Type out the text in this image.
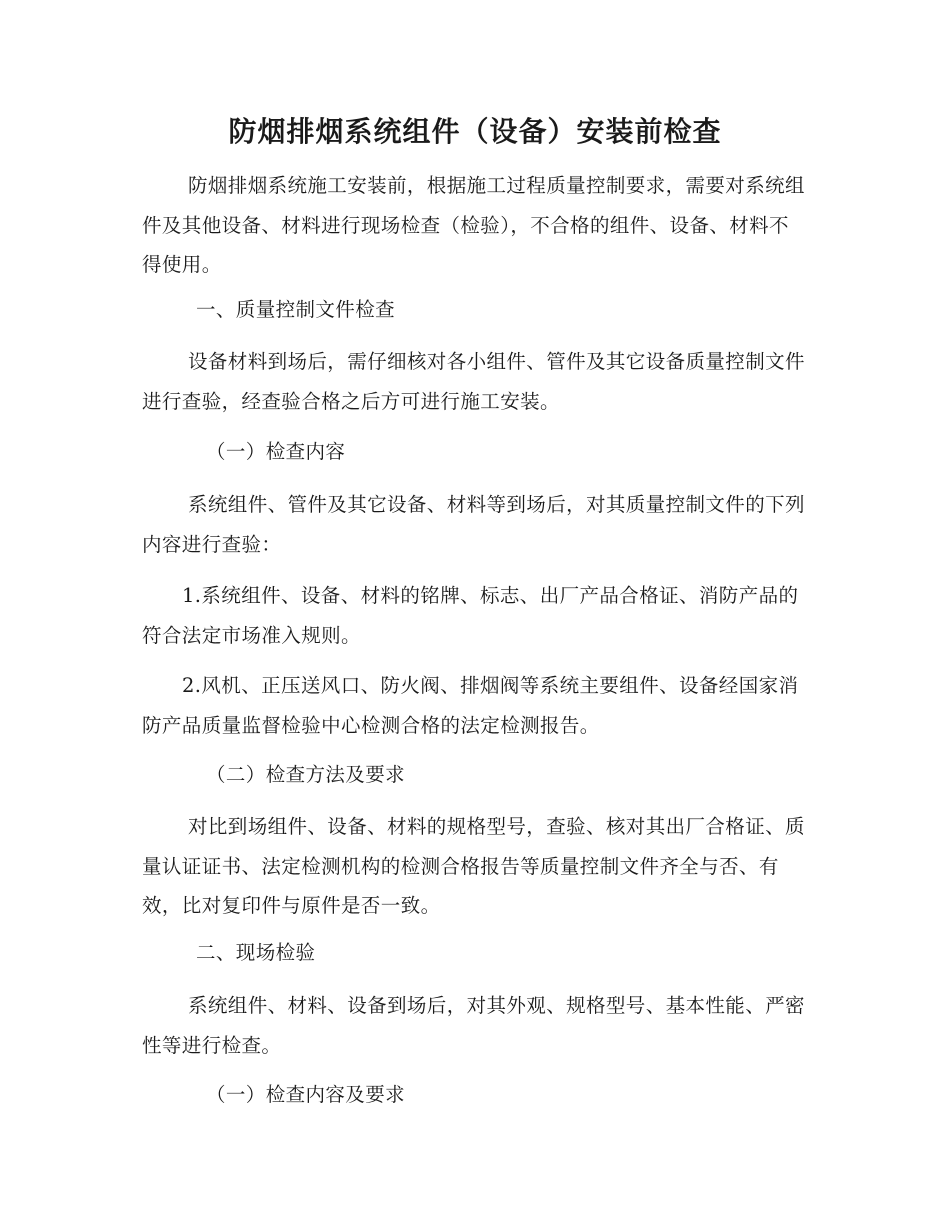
防烟排烟系统组件（设备）安装前检查

防烟排烟系统施工安装前，根据施工过程质量控制要求，需要对系统组件及其他设备、材料进行现场检查（检验），不合格的组件、设备、材料不得使用。

一、质量控制文件检查

设备材料到场后，需仔细核对各小组件、管件及其它设备质量控制文件进行查验，经查验合格之后方可进行施工安装。

（一）检查内容

系统组件、管件及其它设备、材料等到场后，对其质量控制文件的下列内容进行查验：

1.系统组件、设备、材料的铭牌、标志、出厂产品合格证、消防产品的符合法定市场准入规则。

2.风机、正压送风口、防火阀、排烟阀等系统主要组件、设备经国家消防产品质量监督检验中心检测合格的法定检测报告。

（二）检查方法及要求

对比到场组件、设备、材料的规格型号，查验、核对其出厂合格证、质量认证证书、法定检测机构的检测合格报告等质量控制文件齐全与否、有效，比对复印件与原件是否一致。

二、现场检验

系统组件、材料、设备到场后，对其外观、规格型号、基本性能、严密性等进行检查。

（一）检查内容及要求
